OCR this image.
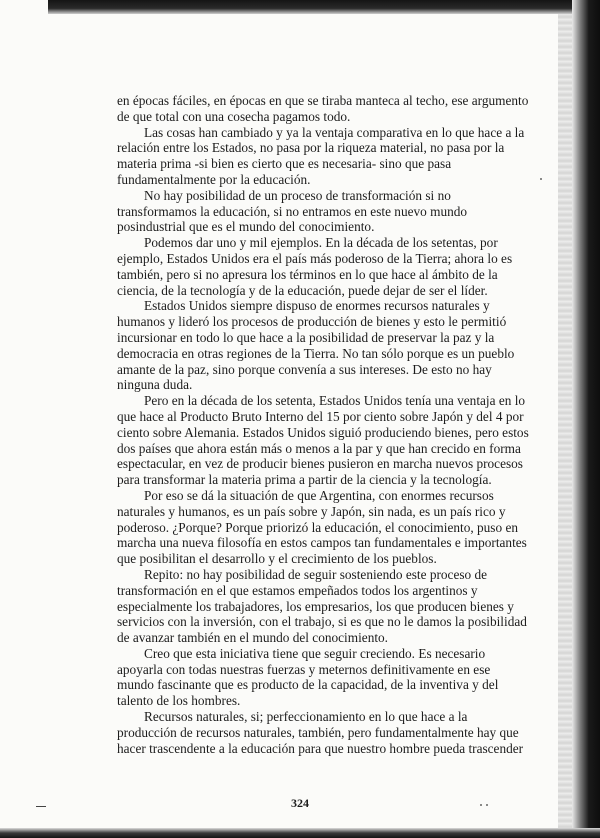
en épocas fáciles, en épocas en que se tiraba manteca al techo, ese argumento de que total con una cosecha pagamos todo.

Las cosas han cambiado y ya la ventaja comparativa en lo que hace a la relación entre los Estados, no pasa por la riqueza material, no pasa por la materia prima -si bien es cierto que es necesaria- sino que pasa fundamentalmente por la educación.

No hay posibilidad de un proceso de transformación si no transformamos la educación, si no entramos en este nuevo mundo posindustrial que es el mundo del conocimiento.

Podemos dar uno y mil ejemplos. En la década de los setentas, por ejemplo, Estados Unidos era el país más poderoso de la Tierra; ahora lo es también, pero si no apresura los términos en lo que hace al ámbito de la ciencia, de la tecnología y de la educación, puede dejar de ser el líder.

Estados Unidos siempre dispuso de enormes recursos naturales y humanos y lideró los procesos de producción de bienes y esto le permitió incursionar en todo lo que hace a la posibilidad de preservar la paz y la democracia en otras regiones de la Tierra. No tan sólo porque es un pueblo amante de la paz, sino porque convenía a sus intereses. De esto no hay ninguna duda.

Pero en la década de los setenta, Estados Unidos tenía una ventaja en lo que hace al Producto Bruto Interno del 15 por ciento sobre Japón y del 4 por ciento sobre Alemania. Estados Unidos siguió produciendo bienes, pero estos dos países que ahora están más o menos a la par y que han crecido en forma espectacular, en vez de producir bienes pusieron en marcha nuevos procesos para transformar la materia prima a partir de la ciencia y la tecnología.

Por eso se dá la situación de que Argentina, con enormes recursos naturales y humanos, es un país sobre y Japón, sin nada, es un país rico y poderoso. ¿Porque? Porque priorizó la educación, el conocimiento, puso en marcha una nueva filosofía en estos campos tan fundamentales e importantes que posibilitan el desarrollo y el crecimiento de los pueblos.

Repito: no hay posibilidad de seguir sosteniendo este proceso de transformación en el que estamos empeñados todos los argentinos y especialmente los trabajadores, los empresarios, los que producen bienes y servicios con la inversión, con el trabajo, si es que no le damos la posibilidad de avanzar también en el mundo del conocimiento.

Creo que esta iniciativa tiene que seguir creciendo. Es necesario apoyarla con todas nuestras fuerzas y meternos definitivamente en ese mundo fascinante que es producto de la capacidad, de la inventiva y del talento de los hombres.

Recursos naturales, si; perfeccionamiento en lo que hace a la producción de recursos naturales, también, pero fundamentalmente hay que hacer trascendente a la educación para que nuestro hombre pueda trascender

324
